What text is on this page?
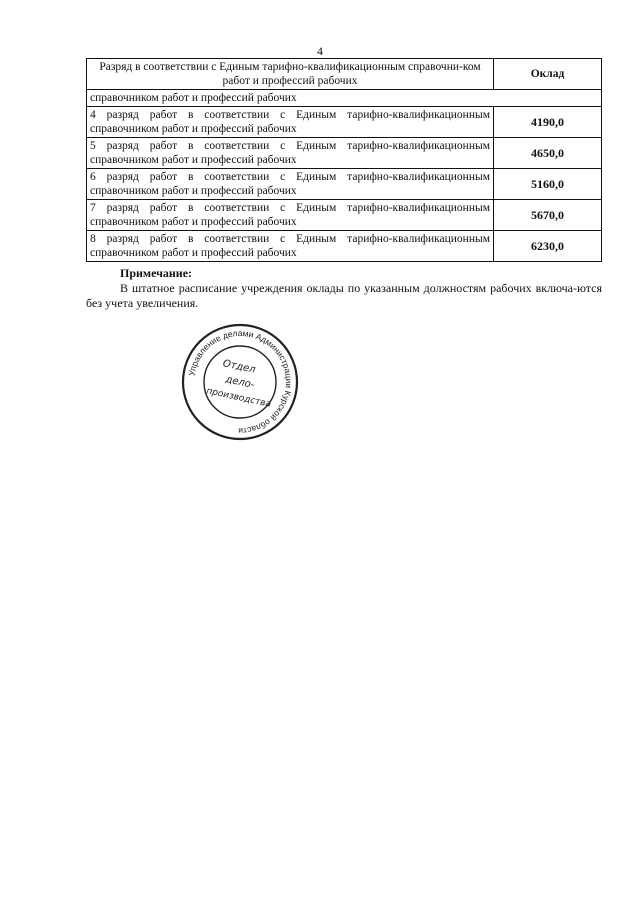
4
Разряд в соответствии с Единым тарифно-квалификационным справочни-ком работ и профессий рабочих	Оклад
справочником работ и профессий рабочих	
4 разряд работ в соответствии с Единым тарифно-квалификационным справочником работ и профессий рабочих	4190,0
5 разряд работ в соответствии с Единым тарифно-квалификационным справочником работ и профессий рабочих	4650,0
6 разряд работ в соответствии с Единым тарифно-квалификационным справочником работ и профессий рабочих	5160,0
7 разряд работ в соответствии с Единым тарифно-квалификационным справочником работ и профессий рабочих	5670,0
8 разряд работ в соответствии с Единым тарифно-квалификационным справочником работ и профессий рабочих	6230,0
Примечание:

В штатное расписание учреждения оклады по указанным должностям рабочих включа-ются без учета увеличения.

Управление делами Администрации Курской области
Отдел
дело-
производства
